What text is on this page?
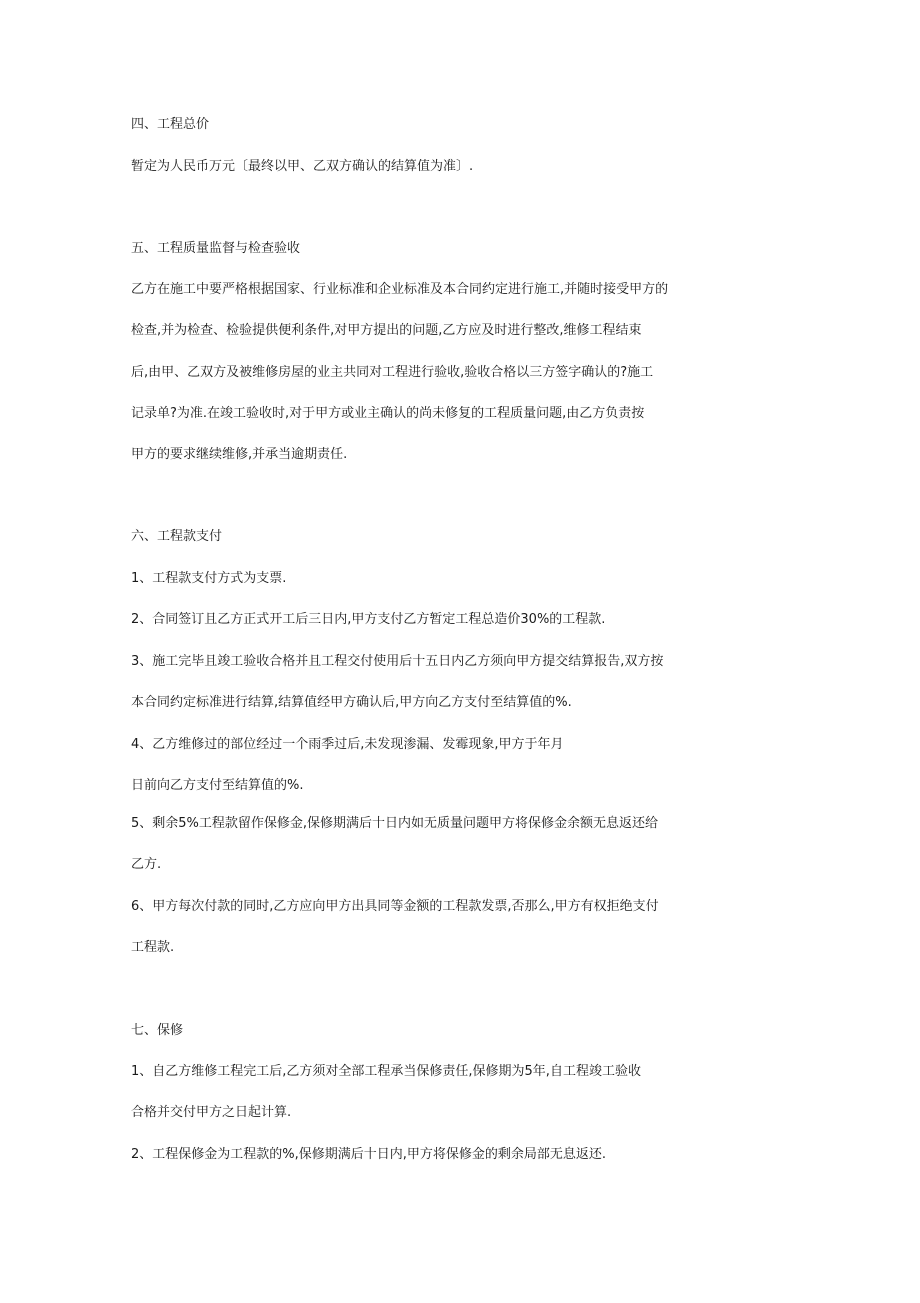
四、工程总价
暂定为人民币万元〔最终以甲、乙双方确认的结算值为准〕.
五、工程质量监督与检查验收
乙方在施工中要严格根据国家、行业标准和企业标准及本合同约定进行施工,并随时接受甲方的
检查,并为检查、检验提供便利条件,对甲方提出的问题,乙方应及时进行整改,维修工程结束
后,由甲、乙双方及被维修房屋的业主共同对工程进行验收,验收合格以三方签字确认的?施工
记录单?为准.在竣工验收时,对于甲方或业主确认的尚未修复的工程质量问题,由乙方负责按
甲方的要求继续维修,并承当逾期责任.
六、工程款支付
1、工程款支付方式为支票.
2、合同签订且乙方正式开工后三日内,甲方支付乙方暂定工程总造价30%的工程款.
3、施工完毕且竣工验收合格并且工程交付使用后十五日内乙方须向甲方提交结算报告,双方按
本合同约定标准进行结算,结算值经甲方确认后,甲方向乙方支付至结算值的%.
4、乙方维修过的部位经过一个雨季过后,未发现渗漏、发霉现象,甲方于年月
日前向乙方支付至结算值的%.
5、剩余5%工程款留作保修金,保修期满后十日内如无质量问题甲方将保修金余额无息返还给
乙方.
6、甲方每次付款的同时,乙方应向甲方出具同等金额的工程款发票,否那么,甲方有权拒绝支付
工程款.
七、保修
1、自乙方维修工程完工后,乙方须对全部工程承当保修责任,保修期为5年,自工程竣工验收
合格并交付甲方之日起计算.
2、工程保修金为工程款的%,保修期满后十日内,甲方将保修金的剩余局部无息返还.
